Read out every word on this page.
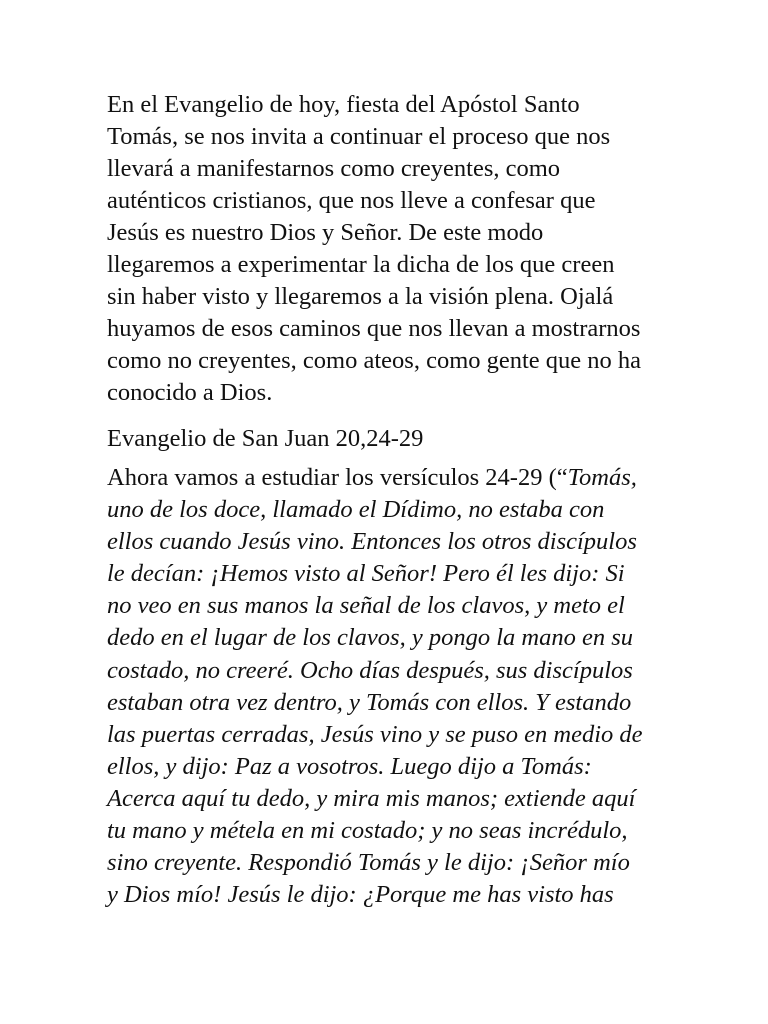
En el Evangelio de hoy, fiesta del Apóstol Santo
Tomás, se nos invita a continuar el proceso que nos
llevará a manifestarnos como creyentes, como
auténticos cristianos, que nos lleve a confesar que
Jesús es nuestro Dios y Señor. De este modo
llegaremos a experimentar la dicha de los que creen
sin haber visto y llegaremos a la visión plena. Ojalá
huyamos de esos caminos que nos llevan a mostrarnos
como no creyentes, como ateos, como gente que no ha
conocido a Dios.
Evangelio de San Juan 20,24-29
Ahora vamos a estudiar los versículos 24-29 (“Tomás,
uno de los doce, llamado el Dídimo, no estaba con
ellos cuando Jesús vino. Entonces los otros discípulos
le decían: ¡Hemos visto al Señor! Pero él les dijo: Si
no veo en sus manos la señal de los clavos, y meto el
dedo en el lugar de los clavos, y pongo la mano en su
costado, no creeré. Ocho días después, sus discípulos
estaban otra vez dentro, y Tomás con ellos. Y estando
las puertas cerradas, Jesús vino y se puso en medio de
ellos, y dijo: Paz a vosotros. Luego dijo a Tomás:
Acerca aquí tu dedo, y mira mis manos; extiende aquí
tu mano y métela en mi costado; y no seas incrédulo,
sino creyente. Respondió Tomás y le dijo: ¡Señor mío
y Dios mío! Jesús le dijo: ¿Porque me has visto has
